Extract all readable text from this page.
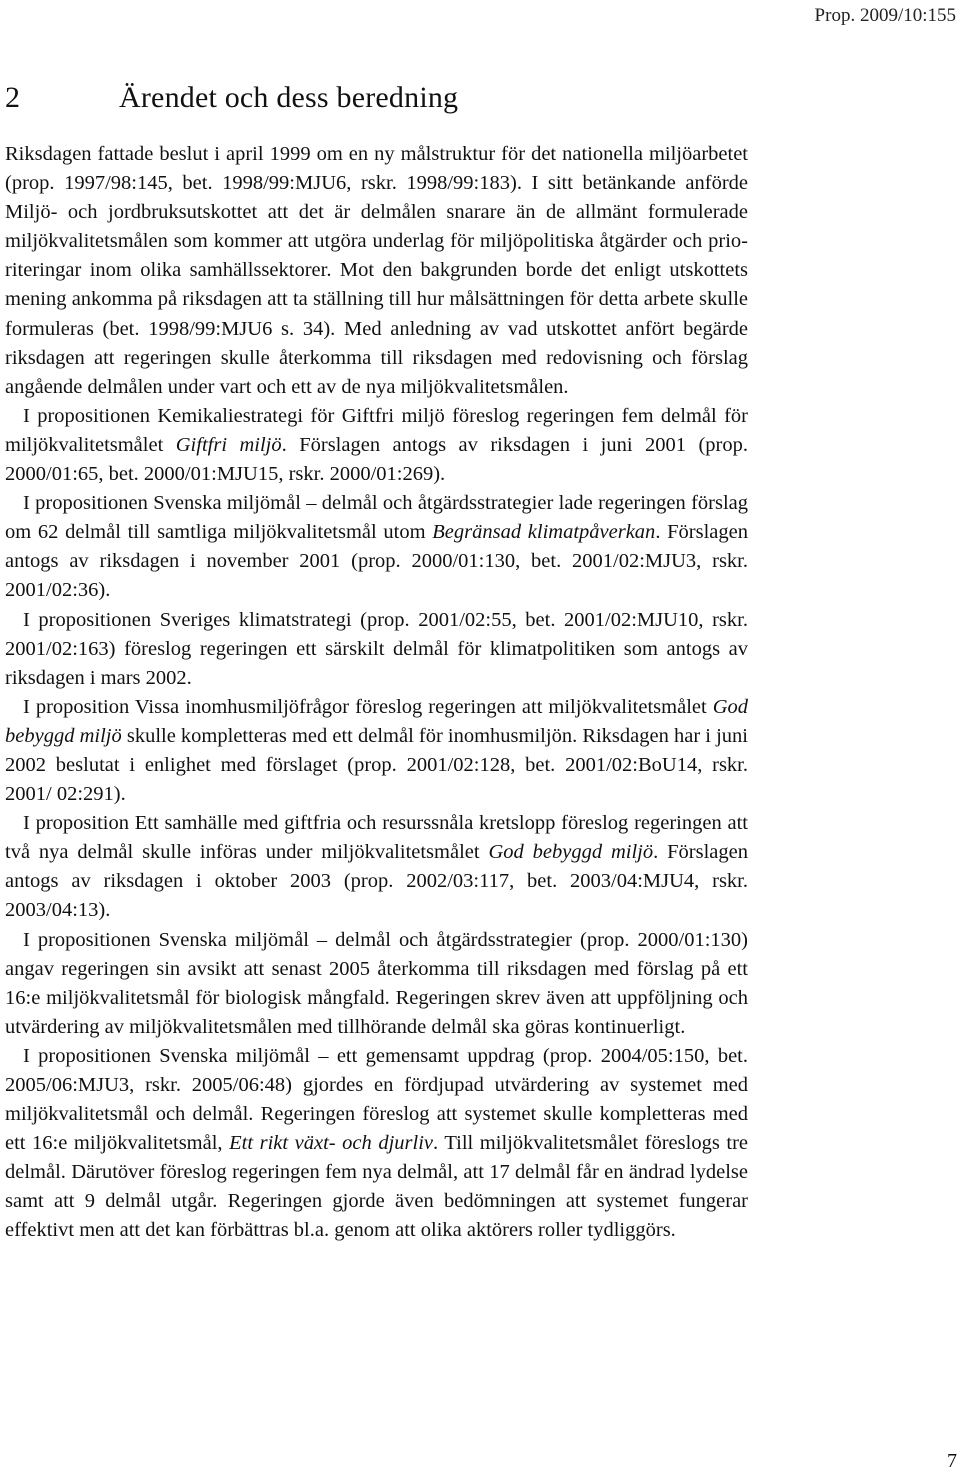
Prop. 2009/10:155
2	Ärendet och dess beredning

Riksdagen fattade beslut i april 1999 om en ny målstruktur för det nationella miljöarbetet (prop. 1997/98:145, bet. 1998/99:MJU6, rskr. 1998/99:183). I sitt betänkande anförde Miljö- och jordbruksutskottet att det är delmålen snarare än de allmänt formulerade miljökvalitetsmålen som kommer att utgöra underlag för miljöpolitiska åtgärder och prioriteringar inom olika samhällssektorer. Mot den bakgrunden borde det enligt utskottets mening ankomma på riksdagen att ta ställning till hur målsättningen för detta arbete skulle formuleras (bet. 1998/99:MJU6 s. 34). Med anledning av vad utskottet anfört begärde riksdagen att regeringen skulle återkomma till riksdagen med redovisning och förslag angående delmålen under vart och ett av de nya miljökvalitetsmålen.

I propositionen Kemikaliestrategi för Giftfri miljö föreslog regeringen fem delmål för miljökvalitetsmålet Giftfri miljö. Förslagen antogs av riksdagen i juni 2001 (prop. 2000/01:65, bet. 2000/01:MJU15, rskr. 2000/01:269).

I propositionen Svenska miljömål – delmål och åtgärdsstrategier lade regeringen förslag om 62 delmål till samtliga miljökvalitetsmål utom Begränsad klimatpåverkan. Förslagen antogs av riksdagen i november 2001 (prop. 2000/01:130, bet. 2001/02:MJU3, rskr. 2001/02:36).

I propositionen Sveriges klimatstrategi (prop. 2001/02:55, bet. 2001/02:MJU10, rskr. 2001/02:163) föreslog regeringen ett särskilt delmål för klimatpolitiken som antogs av riksdagen i mars 2002.

I proposition Vissa inomhusmiljöfrågor föreslog regeringen att miljökvalitetsmålet God bebyggd miljö skulle kompletteras med ett delmål för inomhusmiljön. Riksdagen har i juni 2002 beslutat i enlighet med förslaget (prop. 2001/02:128, bet. 2001/02:BoU14, rskr. 2001/ 02:291).

I proposition Ett samhälle med giftfria och resurssnåla kretslopp föreslog regeringen att två nya delmål skulle införas under miljökvalitetsmålet God bebyggd miljö. Förslagen antogs av riksdagen i oktober 2003 (prop. 2002/03:117, bet. 2003/04:MJU4, rskr. 2003/04:13).

I propositionen Svenska miljömål – delmål och åtgärdsstrategier (prop. 2000/01:130) angav regeringen sin avsikt att senast 2005 återkomma till riksdagen med förslag på ett 16:e miljökvalitetsmål för biologisk mångfald. Regeringen skrev även att uppföljning och utvärdering av miljökvalitetsmålen med tillhörande delmål ska göras kontinuerligt.

I propositionen Svenska miljömål – ett gemensamt uppdrag (prop. 2004/05:150, bet. 2005/06:MJU3, rskr. 2005/06:48) gjordes en fördjupad utvärdering av systemet med miljökvalitetsmål och delmål. Regeringen föreslog att systemet skulle kompletteras med ett 16:e miljökvalitetsmål, Ett rikt växt- och djurliv. Till miljökvalitetsmålet föreslogs tre delmål. Därutöver föreslog regeringen fem nya delmål, att 17 delmål får en ändrad lydelse samt att 9 delmål utgår. Regeringen gjorde även bedömningen att systemet fungerar effektivt men att det kan förbättras bl.a. genom att olika aktörers roller tydliggörs.

7
